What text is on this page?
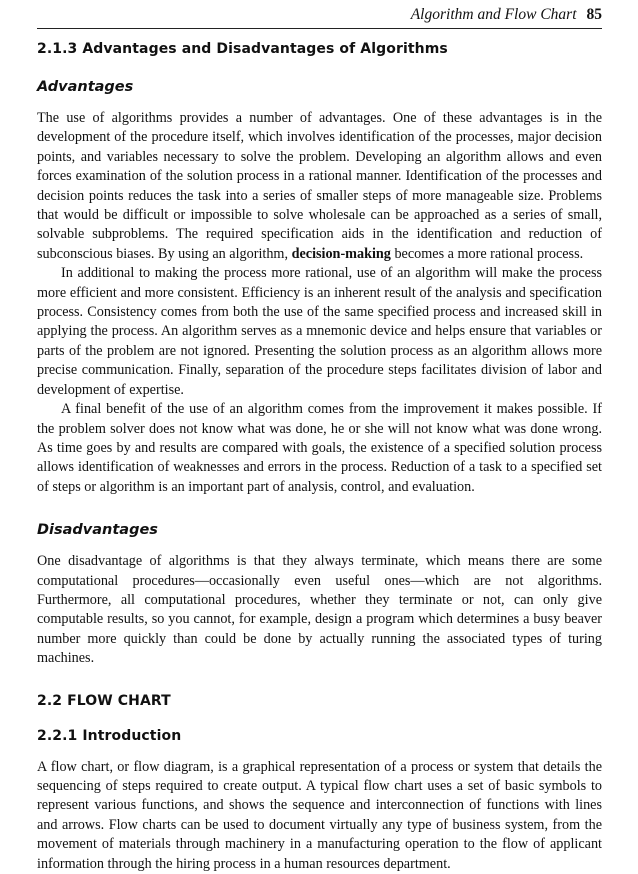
Algorithm and Flow Chart 85
2.1.3 Advantages and Disadvantages of Algorithms
Advantages

The use of algorithms provides a number of advantages. One of these advantages is in the development of the procedure itself, which involves identification of the processes, major decision points, and variables necessary to solve the problem. Developing an algorithm allows and even forces examination of the solution process in a rational manner. Identification of the processes and decision points reduces the task into a series of smaller steps of more manageable size. Problems that would be difficult or impossible to solve wholesale can be approached as a series of small, solvable subproblems. The required specification aids in the identification and reduction of subconscious biases. By using an algorithm, decision-making becomes a more rational process.

In additional to making the process more rational, use of an algorithm will make the process more efficient and more consistent. Efficiency is an inherent result of the analysis and specification process. Consistency comes from both the use of the same specified process and increased skill in applying the process. An algorithm serves as a mnemonic device and helps ensure that variables or parts of the problem are not ignored. Presenting the solution process as an algorithm allows more precise communication. Finally, separation of the procedure steps facilitates division of labor and development of expertise.

A final benefit of the use of an algorithm comes from the improvement it makes possible. If the problem solver does not know what was done, he or she will not know what was done wrong. As time goes by and results are compared with goals, the existence of a specified solution process allows identification of weaknesses and errors in the process. Reduction of a task to a specified set of steps or algorithm is an important part of analysis, control, and evaluation.

Disadvantages

One disadvantage of algorithms is that they always terminate, which means there are some computational procedures—occasionally even useful ones—which are not algorithms. Furthermore, all computational procedures, whether they terminate or not, can only give computable results, so you cannot, for example, design a program which determines a busy beaver number more quickly than could be done by actually running the associated types of turing machines.

2.2 FLOW CHART
2.2.1 Introduction

A flow chart, or flow diagram, is a graphical representation of a process or system that details the sequencing of steps required to create output. A typical flow chart uses a set of basic symbols to represent various functions, and shows the sequence and interconnection of functions with lines and arrows. Flow charts can be used to document virtually any type of business system, from the movement of materials through machinery in a manufacturing operation to the flow of applicant information through the hiring process in a human resources department.
